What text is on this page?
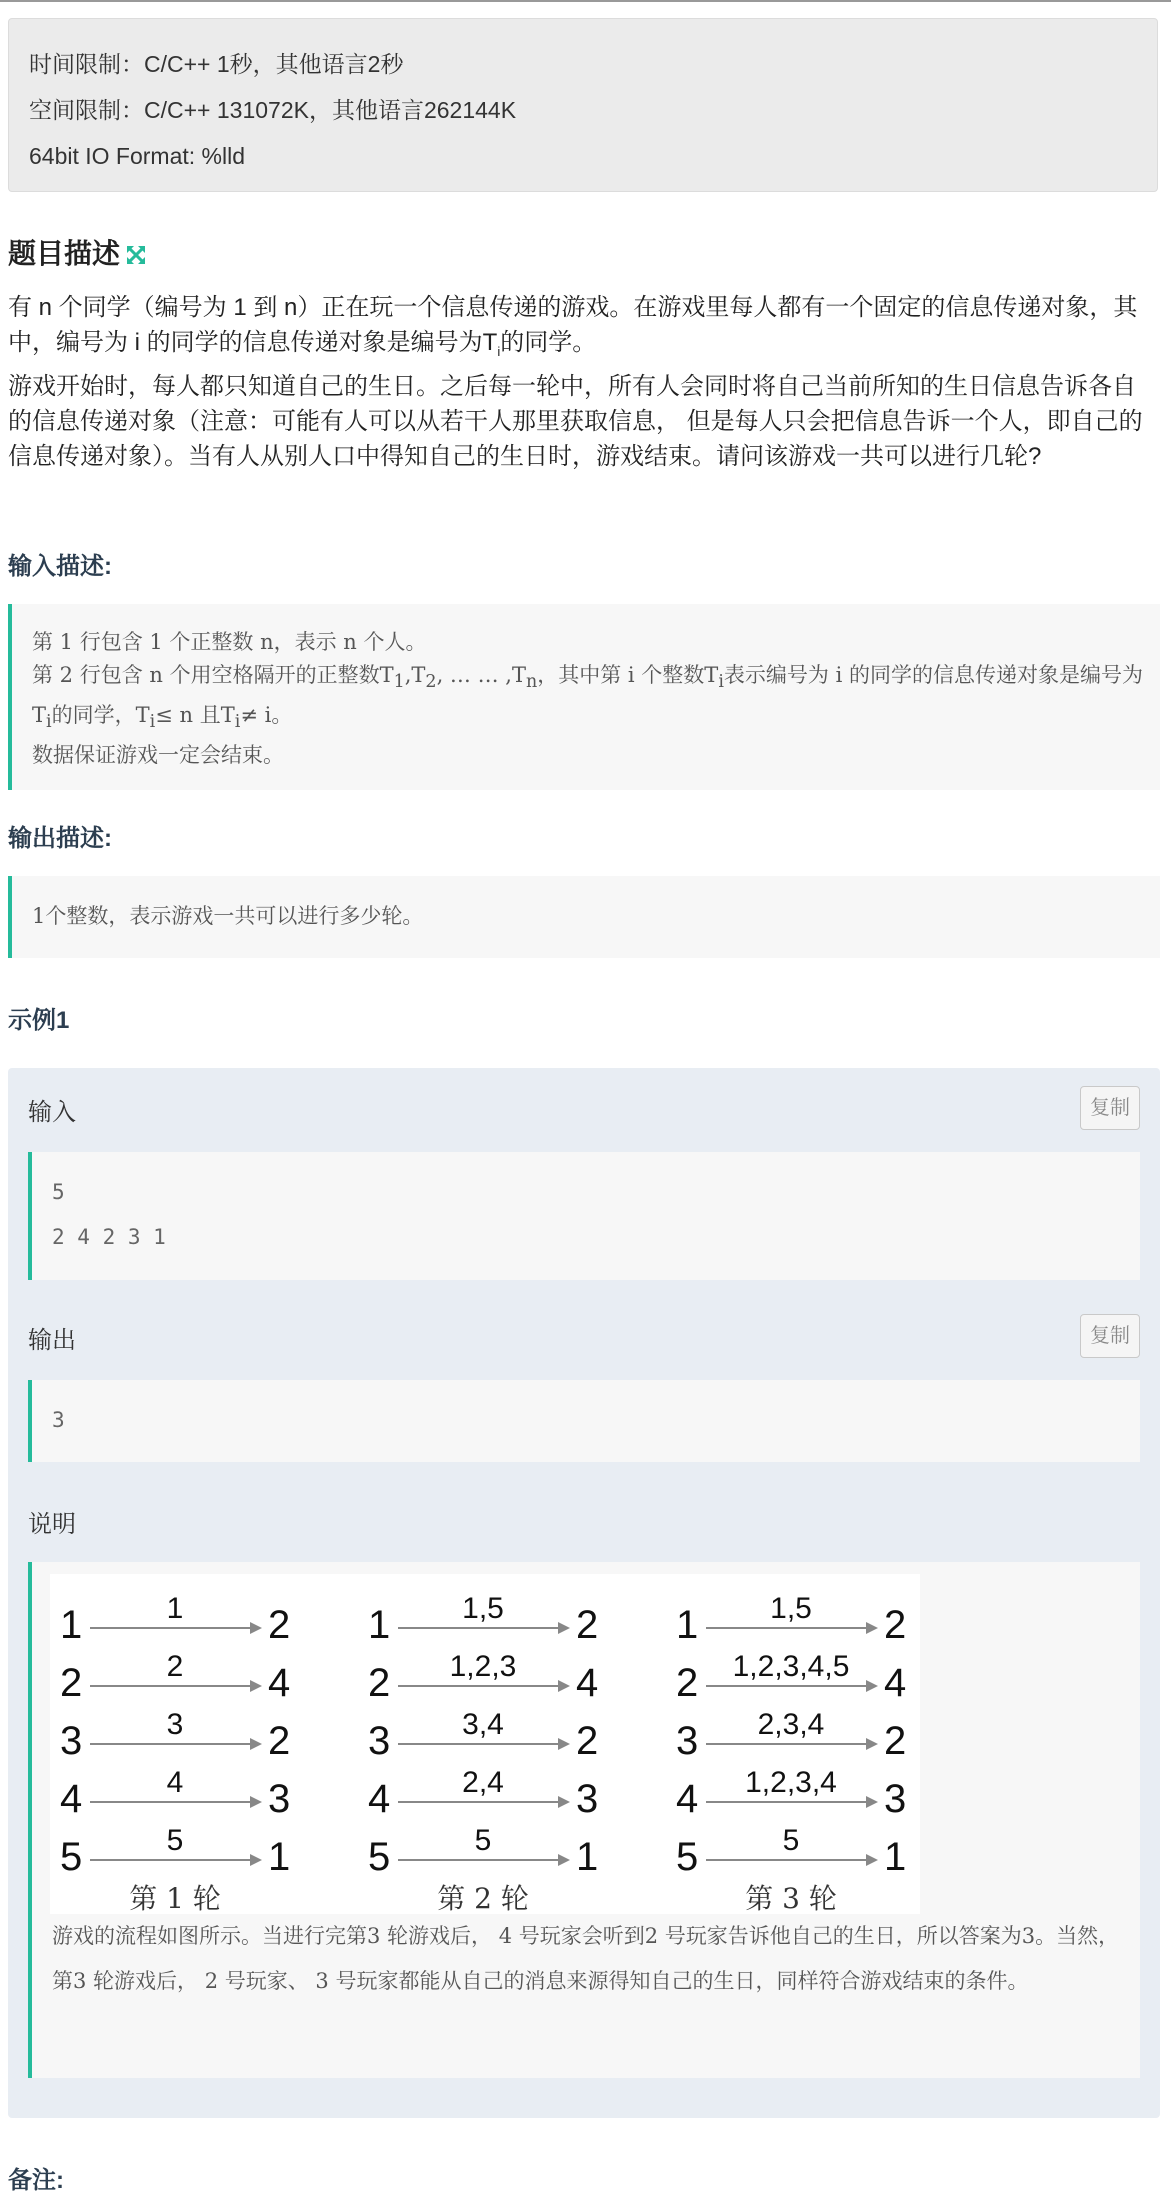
时间限制：C/C++ 1秒，其他语言2秒
空间限制：C/C++ 131072K，其他语言262144K
64bit IO Format: %lld
题目描述

有 n 个同学（编号为 1 到 n）正在玩一个信息传递的游戏。在游戏里每人都有一个固定的信息传递对象，其中，编号为 i 的同学的信息传递对象是编号为$T_i$的同学。

游戏开始时，每人都只知道自己的生日。之后每一轮中，所有人会同时将自己当前所知的生日信息告诉各自的信息传递对象（注意：可能有人可以从若干人那里获取信息， 但是每人只会把信息告诉一个人，即自己的信息传递对象）。当有人从别人口中得知自己的生日时，游戏结束。请问该游戏一共可以进行几轮?

输入描述:

第 1 行包含 1 个正整数 n，表示 n 个人。

第 2 行包含 n 个用空格隔开的正整数$T_1,T_2$, … … $,T_n$，其中第 i 个整数$T_i$表示编号为 i 的同学的信息传递对象是编号为$T_i$的同学，$T_i\le n$ 且$T_i\ne i$。

数据保证游戏一定会结束。

输出描述:

1个整数，表示游戏一共可以进行多少轮。

示例1
输入	复制
5
2 4 2 3 1
输出	复制
3
说明
1	1 2
2	2 4
3	3 2
4	4 3
5	5 1
第 1 轮
1 1,5 2
2 1,2,3 4
3 3,4 2
4 2,4 3
5	5 1
第 2 轮
1 1,5 2
2 1,2,3,4,5 4
3 2,3,4 2
4 1,2,3,4 3
5	5 1
第 3 轮
游戏的流程如图所示。当进行完第3 轮游戏后， 4 号玩家会听到2 号玩家告诉他自己的生日，所以答案为3。当然，第3 轮游戏后， 2 号玩家、 3 号玩家都能从自己的消息来源得知自己的生日，同样符合游戏结束的条件。
备注:
